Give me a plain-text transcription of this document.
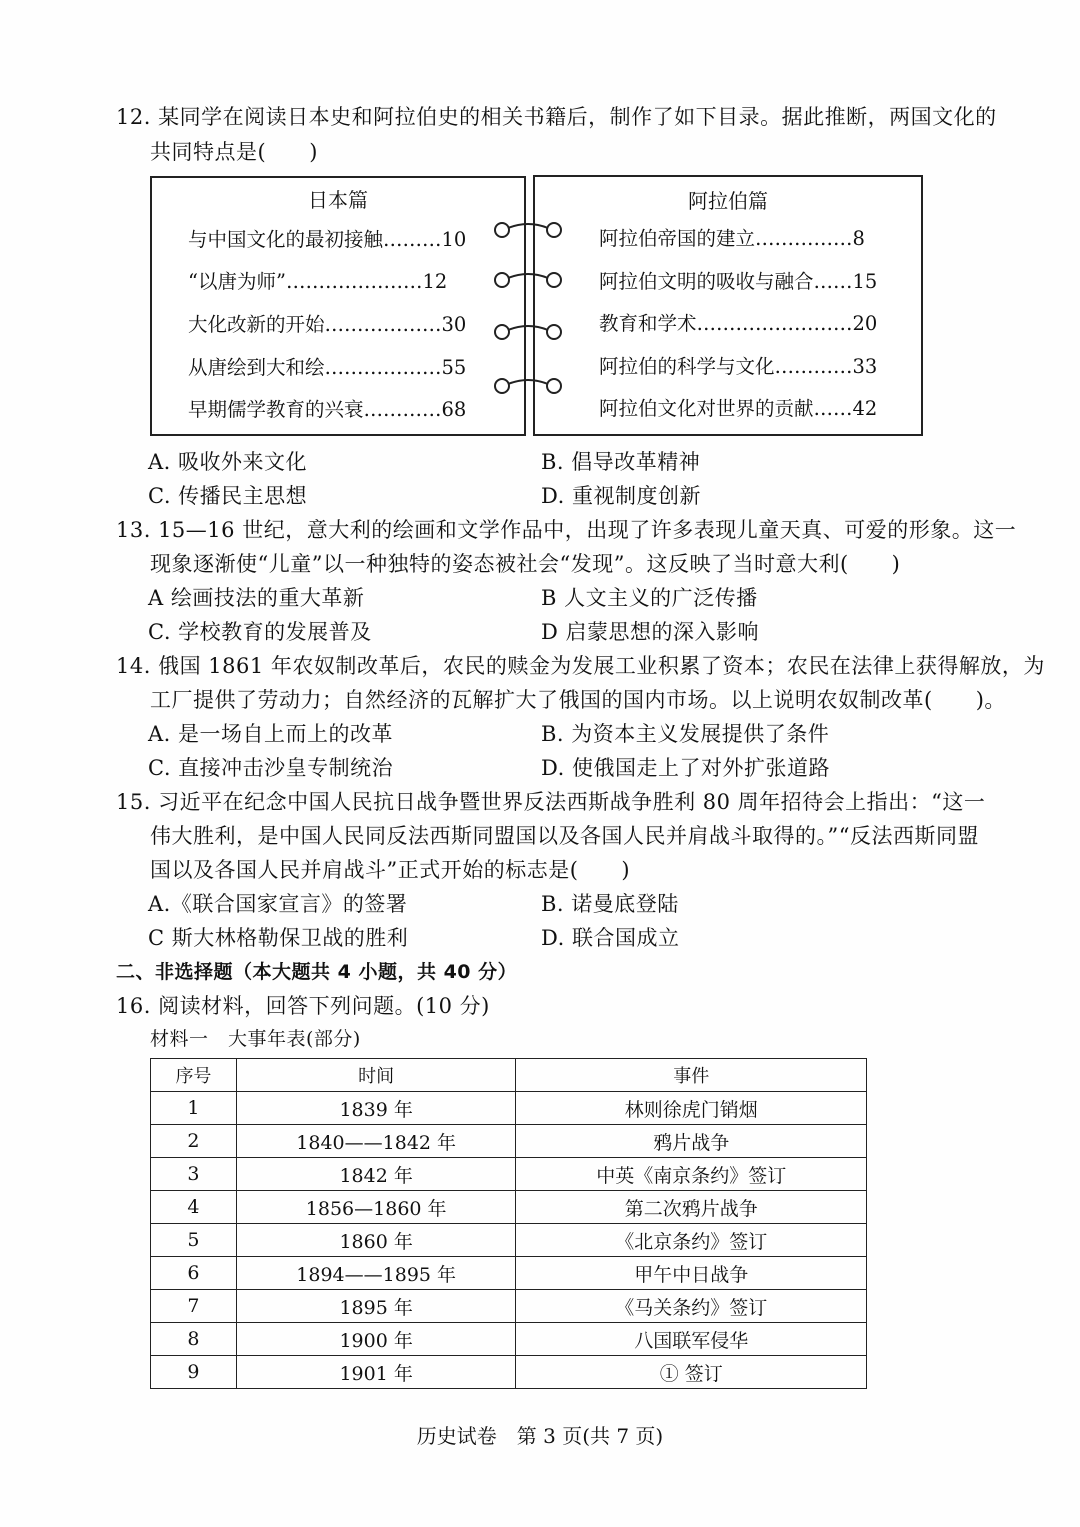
12. 某同学在阅读日本史和阿拉伯史的相关书籍后，制作了如下目录。据此推断，两国文化的
共同特点是(　　)
日本篇
与中国文化的最初接触………10
“以唐为师”…………………12
大化改新的开始………………30
从唐绘到大和绘………………55
早期儒学教育的兴衰…………68
阿拉伯篇
阿拉伯帝国的建立……………8
阿拉伯文明的吸收与融合……15
教育和学术……………………20
阿拉伯的科学与文化…………33
阿拉伯文化对世界的贡献……42
A. 吸收外来文化	B. 倡导改革精神
C. 传播民主思想	D. 重视制度创新
13. 15—16 世纪，意大利的绘画和文学作品中，出现了许多表现儿童天真、可爱的形象。这一
现象逐渐使“儿童”以一种独特的姿态被社会“发现”。这反映了当时意大利(　　)
A 绘画技法的重大革新	B 人文主义的广泛传播
C. 学校教育的发展普及	D 启蒙思想的深入影响
14. 俄国 1861 年农奴制改革后，农民的赎金为发展工业积累了资本；农民在法律上获得解放，为
工厂提供了劳动力；自然经济的瓦解扩大了俄国的国内市场。以上说明农奴制改革(　　)。
A. 是一场自上而上的改革	B. 为资本主义发展提供了条件
C. 直接冲击沙皇专制统治	D. 使俄国走上了对外扩张道路
15. 习近平在纪念中国人民抗日战争暨世界反法西斯战争胜利 80 周年招待会上指出：“这一
伟大胜利，是中国人民同反法西斯同盟国以及各国人民并肩战斗取得的。”“反法西斯同盟
国以及各国人民并肩战斗”正式开始的标志是(　　)
A.《联合国家宣言》的签署	B. 诺曼底登陆
C 斯大林格勒保卫战的胜利	D. 联合国成立
二、非选择题（本大题共 4 小题，共 40 分）
16. 阅读材料，回答下列问题。(10 分)
材料一　大事年表(部分)
序号	时间	事件
1	1839 年	林则徐虎门销烟
2	1840——1842 年	鸦片战争
3	1842 年	中英《南京条约》签订
4	1856—1860 年	第二次鸦片战争
5	1860 年	《北京条约》签订
6	1894——1895 年	甲午中日战争
7	1895 年	《马关条约》签订
8	1900 年	八国联军侵华
9	1901 年	① 签订
历史试卷　第 3 页(共 7 页)
